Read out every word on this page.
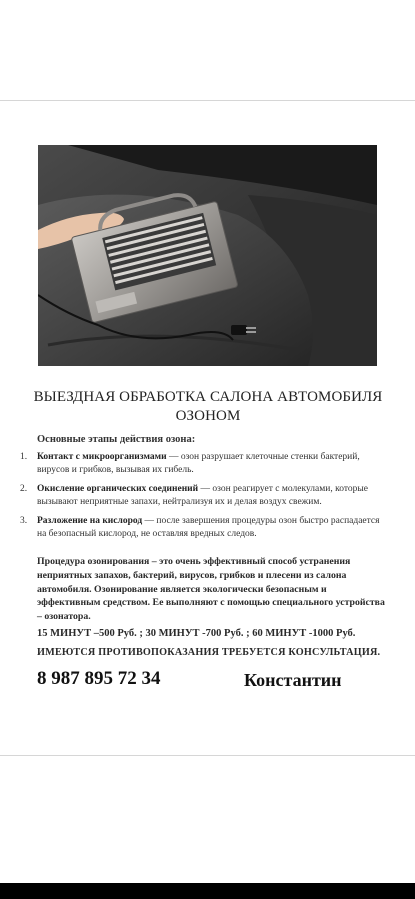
ВЫЕЗДНАЯ ОБРАБОТКА САЛОНА АВТОМОБИЛЯ ОЗОНОМ
Основные этапы действия озона:
1. Контакт с микроорганизмами — озон разрушает клеточные стенки бактерий, вирусов и грибков, вызывая их гибель.
2. Окисление органических соединений — озон реагирует с молекулами, которые вызывают неприятные запахи, нейтрализуя их и делая воздух свежим.
3. Разложение на кислород — после завершения процедуры озон быстро распадается на безопасный кислород, не оставляя вредных следов.
Процедура озонирования – это очень эффективный способ устранения неприятных запахов, бактерий, вирусов, грибков и плесени из салона автомобиля. Озонирование является экологически безопасным и эффективным средством. Ее выполняют с помощью специального устройства – озонатора.
15 МИНУТ –500 Руб. ; 30 МИНУТ -700 Руб. ; 60 МИНУТ -1000 Руб.
ИМЕЮТСЯ ПРОТИВОПОКАЗАНИЯ ТРЕБУЕТСЯ КОНСУЛЬТАЦИЯ.
8 987 895 72 34	Константин
